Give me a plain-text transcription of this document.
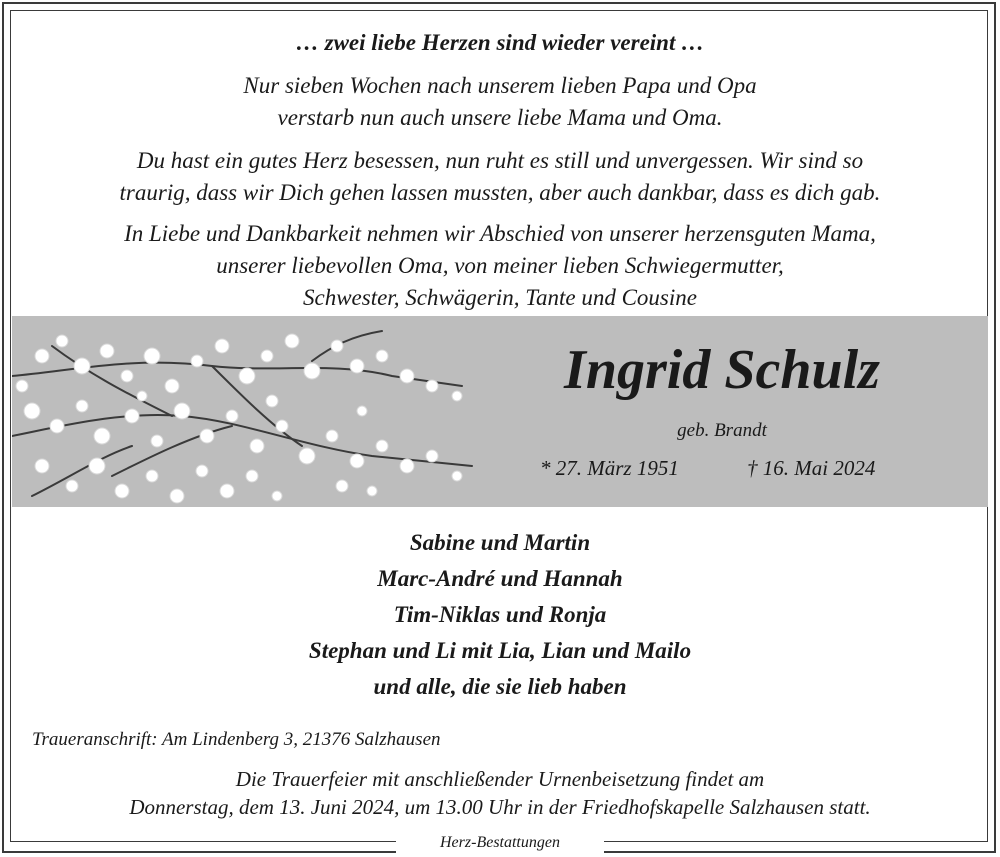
… zwei liebe Herzen sind wieder vereint …
Nur sieben Wochen nach unserem lieben Papa und Opa
verstarb nun auch unsere liebe Mama und Oma.
Du hast ein gutes Herz besessen, nun ruht es still und unvergessen. Wir sind so
traurig, dass wir Dich gehen lassen mussten, aber auch dankbar, dass es dich gab.
In Liebe und Dankbarkeit nehmen wir Abschied von unserer herzensguten Mama,
unserer liebevollen Oma, von meiner lieben Schwiegermutter,
Schwester, Schwägerin, Tante und Cousine
Ingrid Schulz
geb. Brandt
* 27. März 1951	† 16. Mai 2024
Sabine und Martin
Marc-André und Hannah
Tim-Niklas und Ronja
Stephan und Li mit Lia, Lian und Mailo
und alle, die sie lieb haben
Traueranschrift: Am Lindenberg 3, 21376 Salzhausen
Die Trauerfeier mit anschließender Urnenbeisetzung findet am
Donnerstag, dem 13. Juni 2024, um 13.00 Uhr in der Friedhofskapelle Salzhausen statt.
Herz-Bestattungen
